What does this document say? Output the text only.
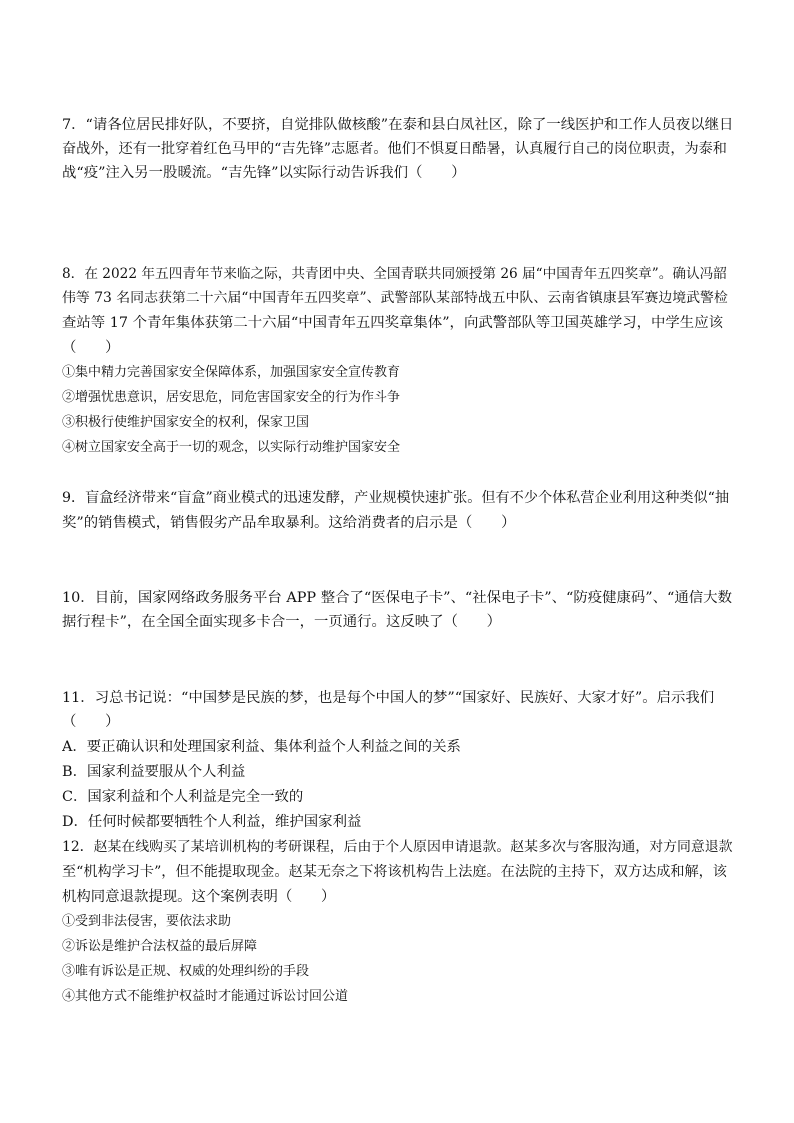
7．“请各位居民排好队，不要挤，自觉排队做核酸”在泰和县白凤社区，除了一线医护和工作人员夜以继日
奋战外，还有一批穿着红色马甲的“吉先锋”志愿者。他们不惧夏日酷暑，认真履行自己的岗位职责，为泰和
战“疫”注入另一股暖流。“吉先锋”以实际行动告诉我们（　　）
8．在 2022 年五四青年节来临之际，共青团中央、全国青联共同颁授第 26 届“中国青年五四奖章”。确认冯韶
伟等 73 名同志获第二十六届“中国青年五四奖章”、武警部队某部特战五中队、云南省镇康县军赛边境武警检
查站等 17 个青年集体获第二十六届“中国青年五四奖章集体”，向武警部队等卫国英雄学习，中学生应该
（　　）
①集中精力完善国家安全保障体系，加强国家安全宣传教育
②增强忧患意识，居安思危，同危害国家安全的行为作斗争
③积极行使维护国家安全的权利，保家卫国
④树立国家安全高于一切的观念，以实际行动维护国家安全
9．盲盒经济带来“盲盒”商业模式的迅速发酵，产业规模快速扩张。但有不少个体私营企业利用这种类似“抽
奖”的销售模式，销售假劣产品牟取暴利。这给消费者的启示是（　　）
10．目前，国家网络政务服务平台 APP 整合了“医保电子卡”、“社保电子卡”、“防疫健康码”、“通信大数
据行程卡”，在全国全面实现多卡合一，一页通行。这反映了（　　）
11．习总书记说：“中国梦是民族的梦，也是每个中国人的梦”“国家好、民族好、大家才好”。启示我们
（　　）
A．要正确认识和处理国家利益、集体利益个人利益之间的关系
B．国家利益要服从个人利益
C．国家利益和个人利益是完全一致的
D．任何时候都要牺牲个人利益，维护国家利益
12．赵某在线购买了某培训机构的考研课程，后由于个人原因申请退款。赵某多次与客服沟通，对方同意退款
至“机构学习卡”，但不能提取现金。赵某无奈之下将该机构告上法庭。在法院的主持下，双方达成和解，该
机构同意退款提现。这个案例表明（　　）
①受到非法侵害，要依法求助
②诉讼是维护合法权益的最后屏障
③唯有诉讼是正规、权威的处理纠纷的手段
④其他方式不能维护权益时才能通过诉讼讨回公道
